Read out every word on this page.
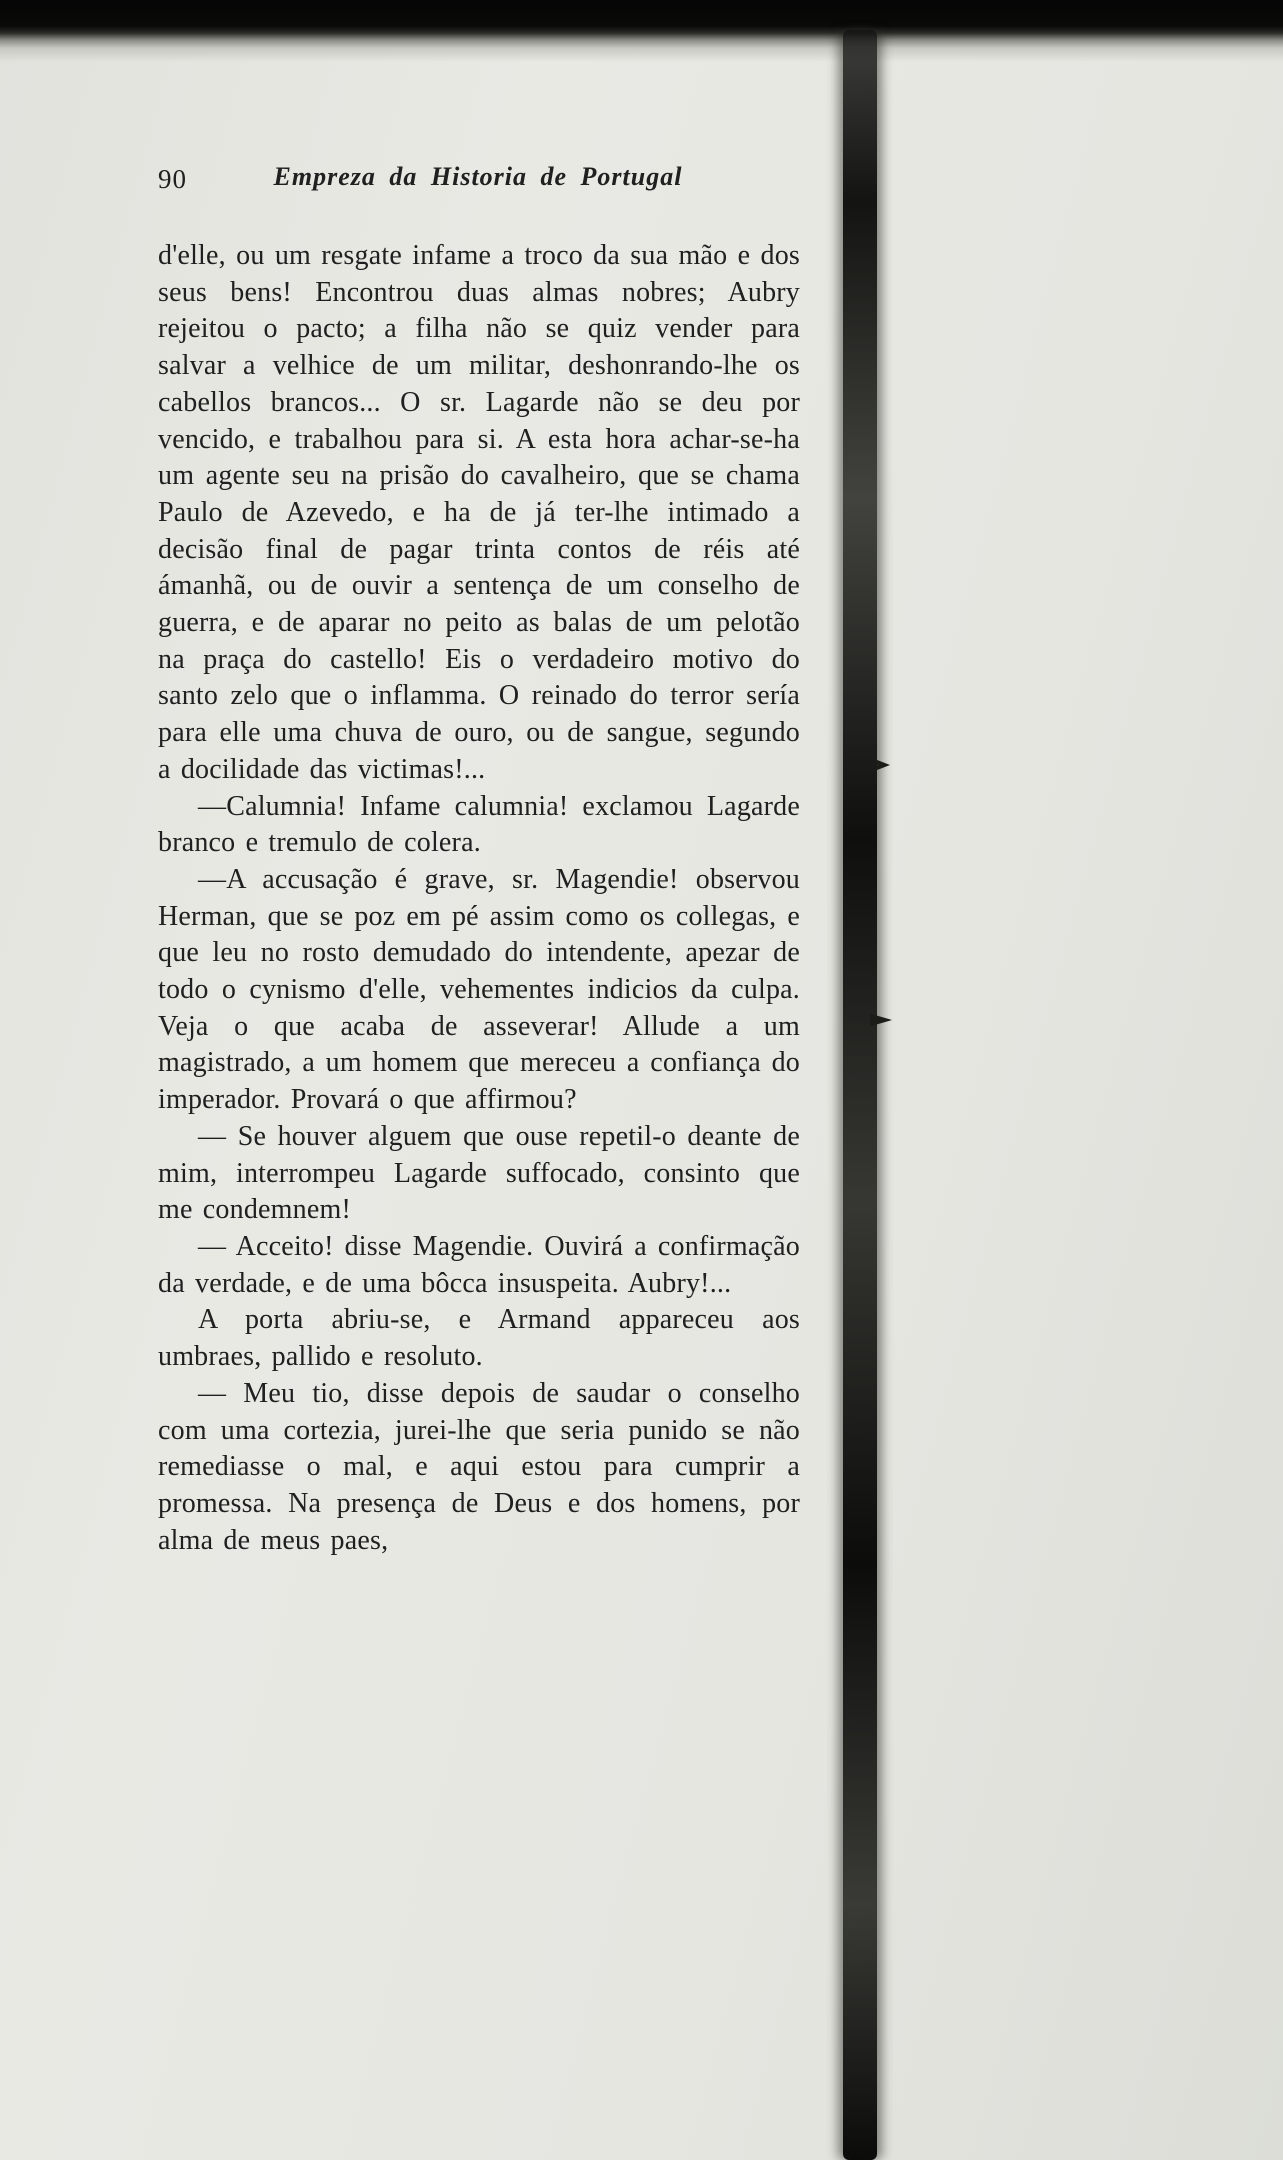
90	Empreza da Historia de Portugal

d'elle, ou um resgate infame a troco da sua mão e dos seus bens! Encontrou duas almas nobres; Aubry rejeitou o pacto; a filha não se quiz vender para salvar a velhice de um militar, deshonrando-lhe os cabellos brancos... O sr. Lagarde não se deu por vencido, e trabalhou para si. A esta hora achar-se-ha um agente seu na prisão do cavalheiro, que se chama Paulo de Azevedo, e ha de já ter-lhe intimado a decisão final de pagar trinta contos de réis até ámanhã, ou de ouvir a sentença de um conselho de guerra, e de aparar no peito as balas de um pelotão na praça do castello! Eis o verdadeiro motivo do santo zelo que o inflamma. O reinado do terror sería para elle uma chuva de ouro, ou de sangue, segundo a docilidade das victimas!...

—Calumnia! Infame calumnia! exclamou Lagarde branco e tremulo de colera.

—A accusação é grave, sr. Magendie! observou Herman, que se poz em pé assim como os collegas, e que leu no rosto demudado do intendente, apezar de todo o cynismo d'elle, vehementes indicios da culpa. Veja o que acaba de asseverar! Allude a um magistrado, a um homem que mereceu a confiança do imperador. Provará o que affirmou?

— Se houver alguem que ouse repetil-o deante de mim, interrompeu Lagarde suffocado, consinto que me condemnem!

— Acceito! disse Magendie. Ouvirá a confirmação da verdade, e de uma bôcca insuspeita. Aubry!...

A porta abriu-se, e Armand appareceu aos umbraes, pallido e resoluto.

— Meu tio, disse depois de saudar o conselho com uma cortezia, jurei-lhe que seria punido se não remediasse o mal, e aqui estou para cumprir a promessa. Na presença de Deus e dos homens, por alma de meus paes,
